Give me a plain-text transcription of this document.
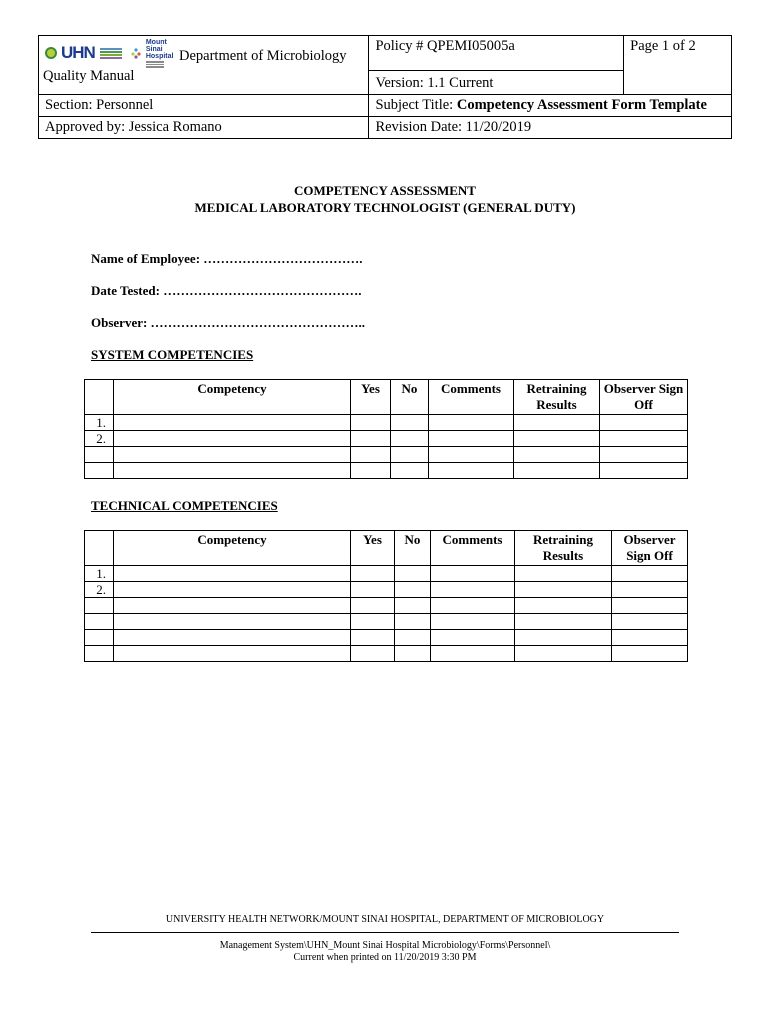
UHN
Mount Sinai Hospital Department of Microbiology
Quality Manual	Policy # QPEMI05005a	Page 1 of 2
	Version: 1.1 Current	
Section: Personnel	Subject Title: Competency Assessment Form Template	
Approved by: Jessica Romano	Revision Date: 11/20/2019	
COMPETENCY ASSESSMENT
MEDICAL LABORATORY TECHNOLOGIST (GENERAL DUTY)
Name of Employee: ……………………………….
Date Tested: ……………………………………….
Observer: …………………………………………..
SYSTEM COMPETENCIES
	Competency	Yes	No	Comments	Retraining Results	Observer Sign Off
1.						
2.						

TECHNICAL COMPETENCIES
	Competency	Yes	No	Comments	Retraining Results	Observer Sign Off
1.						
2.						

UNIVERSITY HEALTH NETWORK/MOUNT SINAI HOSPITAL, DEPARTMENT OF MICROBIOLOGY
Management System\UHN_Mount Sinai Hospital Microbiology\Forms\Personnel\
Current when printed on 11/20/2019 3:30 PM
